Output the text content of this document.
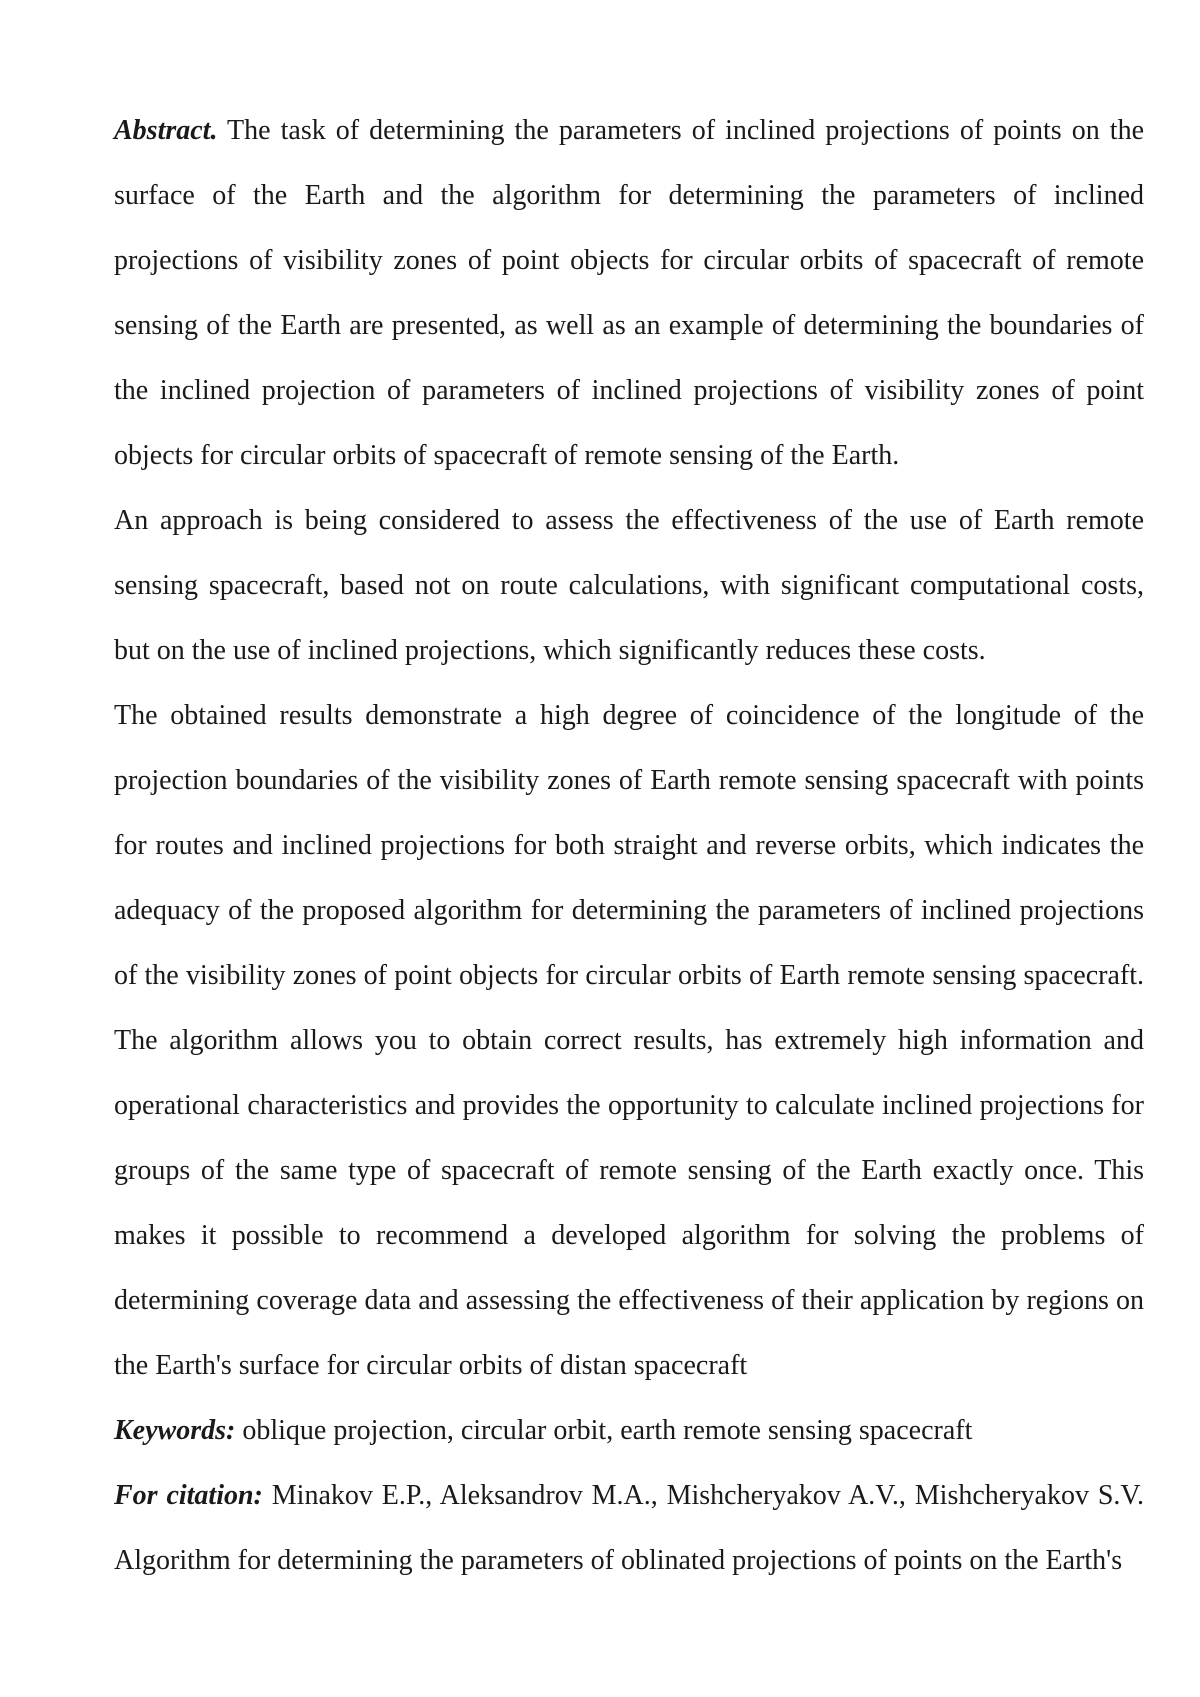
Abstract. The task of determining the parameters of inclined projections of points on the surface of the Earth and the algorithm for determining the parameters of inclined projections of visibility zones of point objects for circular orbits of spacecraft of remote sensing of the Earth are presented, as well as an example of determining the boundaries of the inclined projection of parameters of inclined projections of visibility zones of point objects for circular orbits of spacecraft of remote sensing of the Earth.

An approach is being considered to assess the effectiveness of the use of Earth remote sensing spacecraft, based not on route calculations, with significant computational costs, but on the use of inclined projections, which significantly reduces these costs.

The obtained results demonstrate a high degree of coincidence of the longitude of the projection boundaries of the visibility zones of Earth remote sensing spacecraft with points for routes and inclined projections for both straight and reverse orbits, which indicates the adequacy of the proposed algorithm for determining the parameters of inclined projections of the visibility zones of point objects for circular orbits of Earth remote sensing spacecraft. The algorithm allows you to obtain correct results, has extremely high information and operational characteristics and provides the opportunity to calculate inclined projections for groups of the same type of spacecraft of remote sensing of the Earth exactly once. This makes it possible to recommend a developed algorithm for solving the problems of determining coverage data and assessing the effectiveness of their application by regions on the Earth's surface for circular orbits of distan spacecraft

Keywords: oblique projection, circular orbit, earth remote sensing spacecraft

For citation: Minakov E.P., Aleksandrov M.A., Mishcheryakov A.V., Mishcheryakov S.V. Algorithm for determining the parameters of oblinated projections of points on the Earth's
